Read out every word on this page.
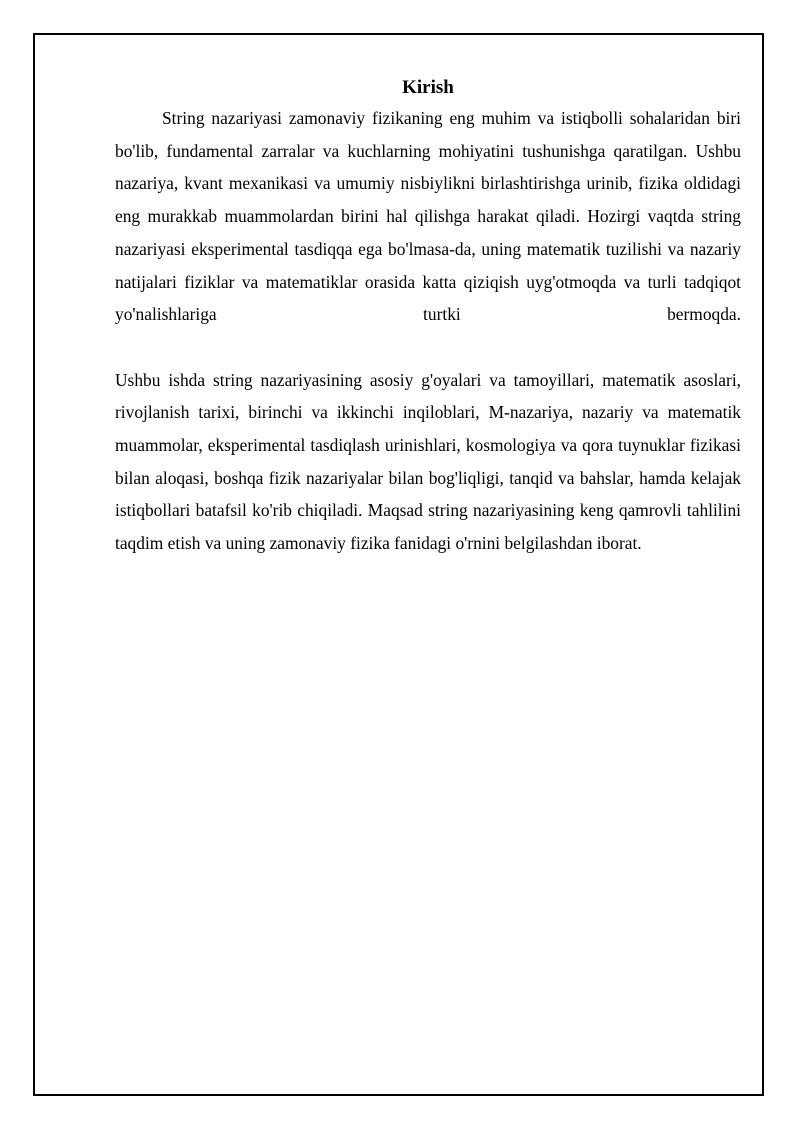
Kirish

String nazariyasi zamonaviy fizikaning eng muhim va istiqbolli sohalaridan biri bo'lib, fundamental zarralar va kuchlarning mohiyatini tushunishga qaratilgan. Ushbu nazariya, kvant mexanikasi va umumiy nisbiylikni birlashtirishga urinib, fizika oldidagi eng murakkab muammolardan birini hal qilishga harakat qiladi. Hozirgi vaqtda string nazariyasi eksperimental tasdiqqa ega bo'lmasa-da, uning matematik tuzilishi va nazariy natijalari fiziklar va matematiklar orasida katta qiziqish uyg'otmoqda va turli tadqiqot yo'nalishlariga turtki bermoqda.

Ushbu ishda string nazariyasining asosiy g'oyalari va tamoyillari, matematik asoslari, rivojlanish tarixi, birinchi va ikkinchi inqiloblari, M-nazariya, nazariy va matematik muammolar, eksperimental tasdiqlash urinishlari, kosmologiya va qora tuynuklar fizikasi bilan aloqasi, boshqa fizik nazariyalar bilan bog'liqligi, tanqid va bahslar, hamda kelajak istiqbollari batafsil ko'rib chiqiladi. Maqsad string nazariyasining keng qamrovli tahlilini taqdim etish va uning zamonaviy fizika fanidagi o'rnini belgilashdan iborat.
